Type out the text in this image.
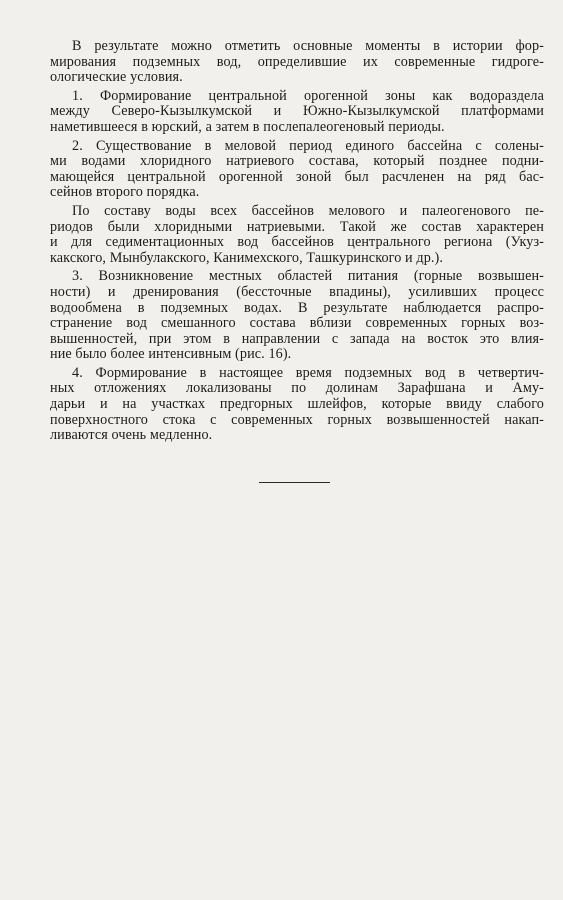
В результате можно отметить основные моменты в истории фор-
мирования подземных вод, определившие их современные гидроге-
ологические условия.
1. Формирование центральной орогенной зоны как водораздела
между Северо-Кызылкумской и Южно-Кызылкумской платформами
наметившееся в юрский, а затем в послепалеогеновый периоды.
2. Существование в меловой период единого бассейна с солены-
ми водами хлоридного натриевого состава, который позднее подни-
мающейся центральной орогенной зоной был расчленен на ряд бас-
сейнов второго порядка.
По составу воды всех бассейнов мелового и палеогенового пе-
риодов были хлоридными натриевыми. Такой же состав характерен
и для седиментационных вод бассейнов центрального региона (Укуз-
какского, Мынбулакского, Канимехского, Ташкуринского и др.).
3. Возникновение местных областей питания (горные возвышен-
ности) и дренирования (бессточные впадины), усиливших процесс
водообмена в подземных водах. В результате наблюдается распро-
странение вод смешанного состава вблизи современных горных воз-
вышенностей, при этом в направлении с запада на восток это влия-
ние было более интенсивным (рис. 16).
4. Формирование в настоящее время подземных вод в четвертич-
ных отложениях локализованы по долинам Зарафшана и Аму-
дарьи и на участках предгорных шлейфов, которые ввиду слабого
поверхностного стока с современных горных возвышенностей накап-
ливаются очень медленно.
